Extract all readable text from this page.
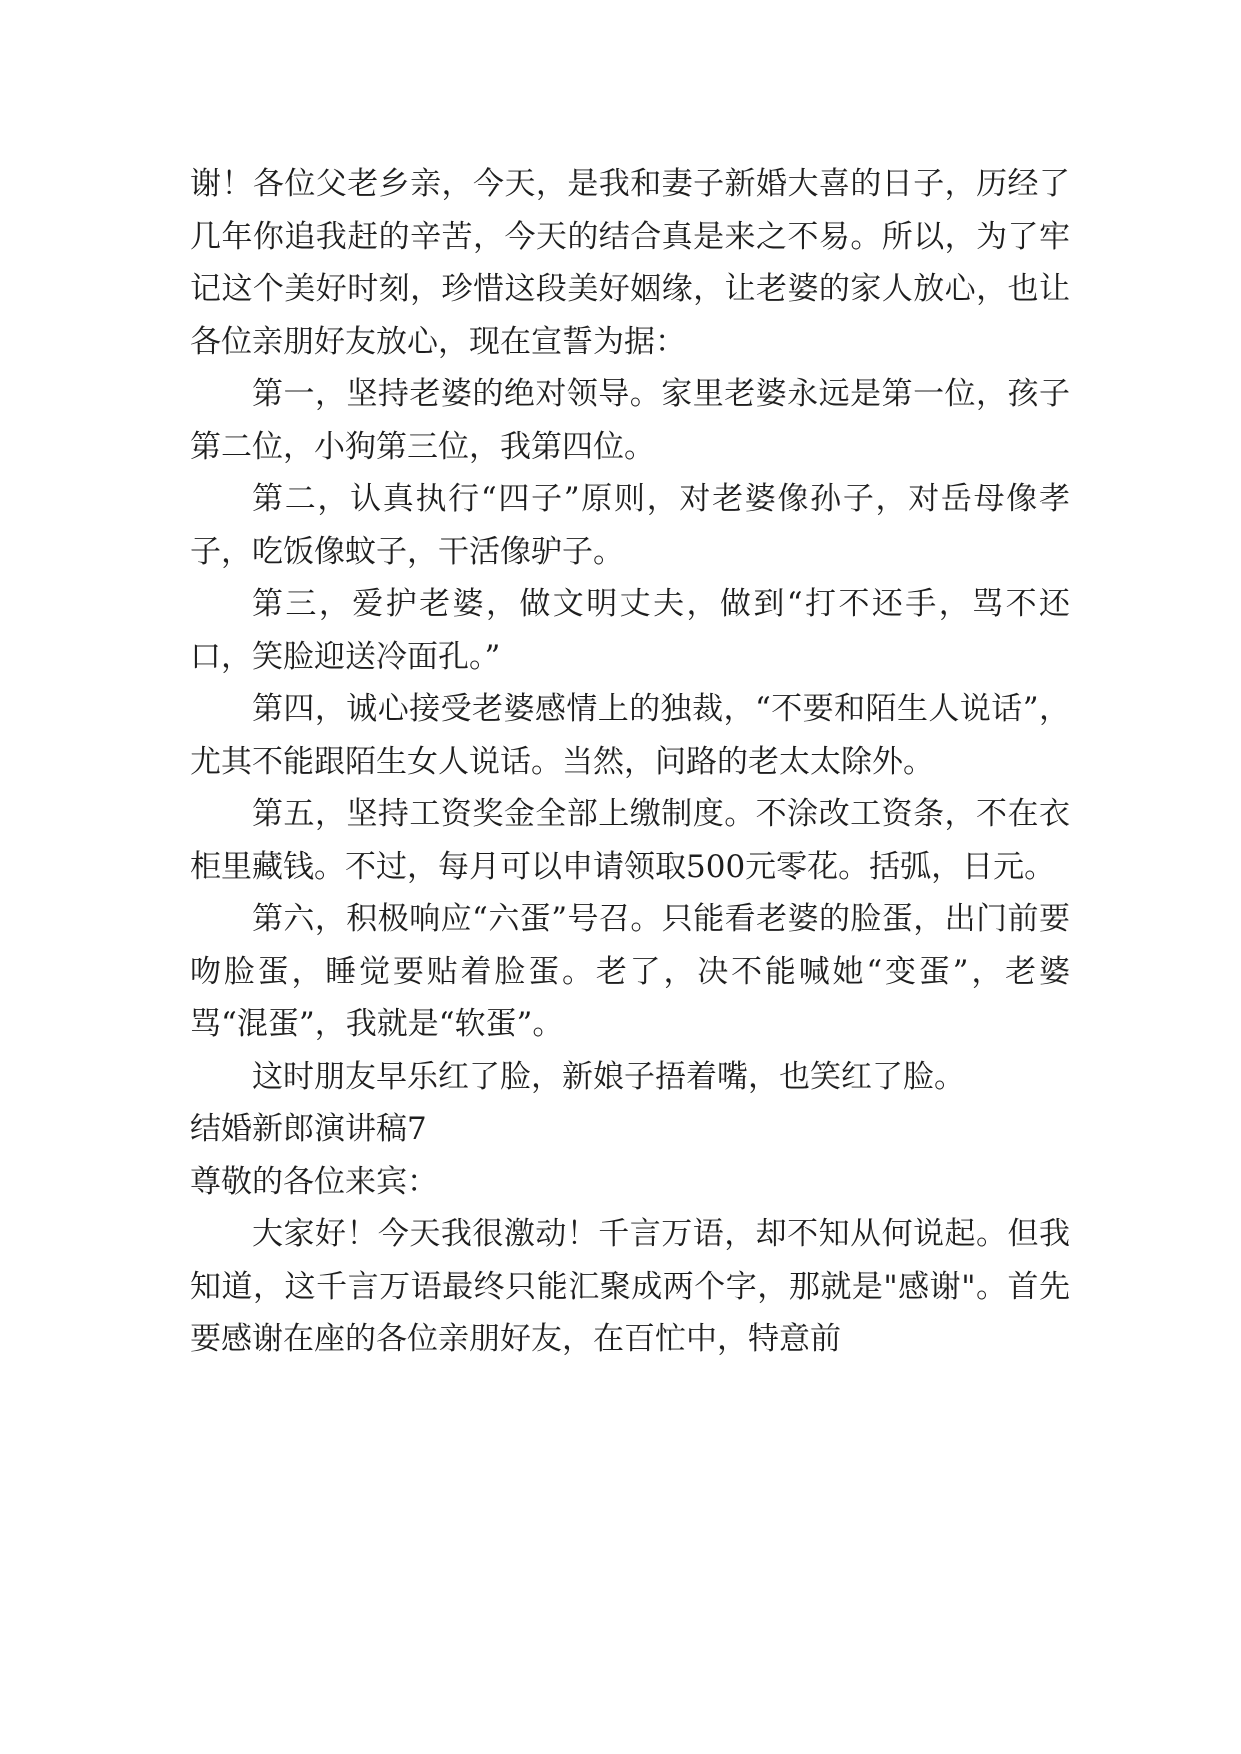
谢！各位父老乡亲，今天，是我和妻子新婚大喜的日子，历经了几年你追我赶的辛苦，今天的结合真是来之不易。所以，为了牢记这个美好时刻，珍惜这段美好姻缘，让老婆的家人放心，也让各位亲朋好友放心，现在宣誓为据：

第一，坚持老婆的绝对领导。家里老婆永远是第一位，孩子第二位，小狗第三位，我第四位。

第二，认真执行“四子”原则，对老婆像孙子，对岳母像孝子，吃饭像蚊子，干活像驴子。

第三，爱护老婆，做文明丈夫，做到“打不还手，骂不还口，笑脸迎送冷面孔。”

第四，诚心接受老婆感情上的独裁，“不要和陌生人说话”，尤其不能跟陌生女人说话。当然，问路的老太太除外。

第五，坚持工资奖金全部上缴制度。不涂改工资条，不在衣柜里藏钱。不过，每月可以申请领取500元零花。括弧，日元。

第六，积极响应“六蛋”号召。只能看老婆的脸蛋，出门前要吻脸蛋，睡觉要贴着脸蛋。老了，决不能喊她“变蛋”，老婆骂“混蛋”，我就是“软蛋”。

这时朋友早乐红了脸，新娘子捂着嘴，也笑红了脸。

结婚新郎演讲稿7

尊敬的各位来宾：

大家好！今天我很激动！千言万语，却不知从何说起。但我知道，这千言万语最终只能汇聚成两个字，那就是"感谢"。首先要感谢在座的各位亲朋好友，在百忙中，特意前
